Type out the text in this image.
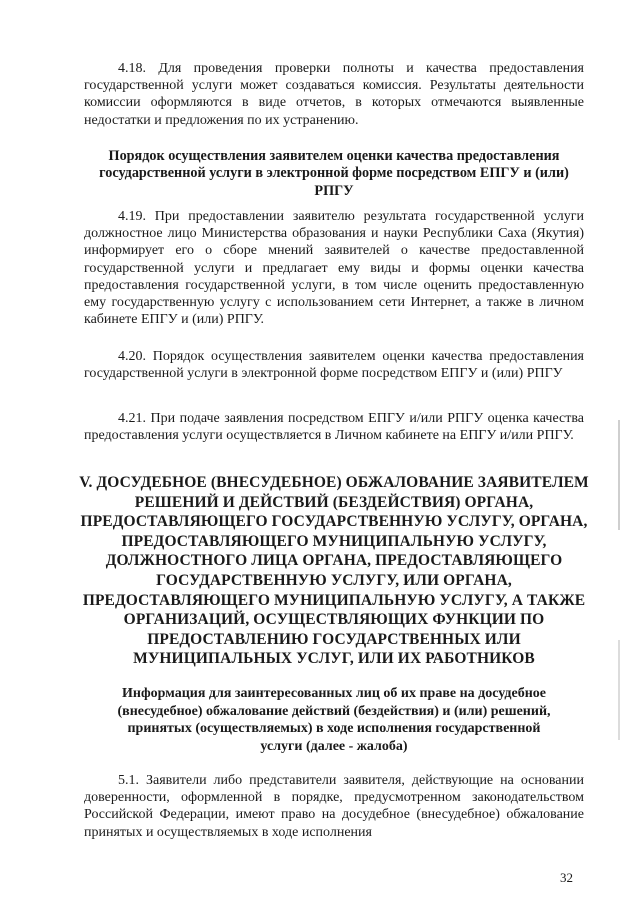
4.18. Для проведения проверки полноты и качества предоставления государственной услуги может создаваться комиссия. Результаты деятельности комиссии оформляются в виде отчетов, в которых отмечаются выявленные недостатки и предложения по их устранению.
Порядок осуществления заявителем оценки качества предоставления государственной услуги в электронной форме посредством ЕПГУ и (или) РПГУ
4.19. При предоставлении заявителю результата государственной услуги должностное лицо Министерства образования и науки Республики Саха (Якутия) информирует его о сборе мнений заявителей о качестве предоставленной государственной услуги и предлагает ему виды и формы оценки качества предоставления государственной услуги, в том числе оценить предоставленную ему государственную услугу с использованием сети Интернет, а также в личном кабинете ЕПГУ и (или) РПГУ.
4.20. Порядок осуществления заявителем оценки качества предоставления государственной услуги в электронной форме посредством ЕПГУ и (или) РПГУ
4.21. При подаче заявления посредством ЕПГУ и/или РПГУ оценка качества предоставления услуги осуществляется в Личном кабинете на ЕПГУ и/или РПГУ.
V. ДОСУДЕБНОЕ (ВНЕСУДЕБНОЕ) ОБЖАЛОВАНИЕ ЗАЯВИТЕЛЕМ РЕШЕНИЙ И ДЕЙСТВИЙ (БЕЗДЕЙСТВИЯ) ОРГАНА, ПРЕДОСТАВЛЯЮЩЕГО ГОСУДАРСТВЕННУЮ УСЛУГУ, ОРГАНА, ПРЕДОСТАВЛЯЮЩЕГО МУНИЦИПАЛЬНУЮ УСЛУГУ, ДОЛЖНОСТНОГО ЛИЦА ОРГАНА, ПРЕДОСТАВЛЯЮЩЕГО ГОСУДАРСТВЕННУЮ УСЛУГУ, ИЛИ ОРГАНА, ПРЕДОСТАВЛЯЮЩЕГО МУНИЦИПАЛЬНУЮ УСЛУГУ, А ТАКЖЕ ОРГАНИЗАЦИЙ, ОСУЩЕСТВЛЯЮЩИХ ФУНКЦИИ ПО ПРЕДОСТАВЛЕНИЮ ГОСУДАРСТВЕННЫХ ИЛИ МУНИЦИПАЛЬНЫХ УСЛУГ, ИЛИ ИХ РАБОТНИКОВ
Информация для заинтересованных лиц об их праве на досудебное (внесудебное) обжалование действий (бездействия) и (или) решений, принятых (осуществляемых) в ходе исполнения государственной услуги (далее - жалоба)
5.1. Заявители либо представители заявителя, действующие на основании доверенности, оформленной в порядке, предусмотренном законодательством Российской Федерации, имеют право на досудебное (внесудебное) обжалование принятых и осуществляемых в ходе исполнения
32
